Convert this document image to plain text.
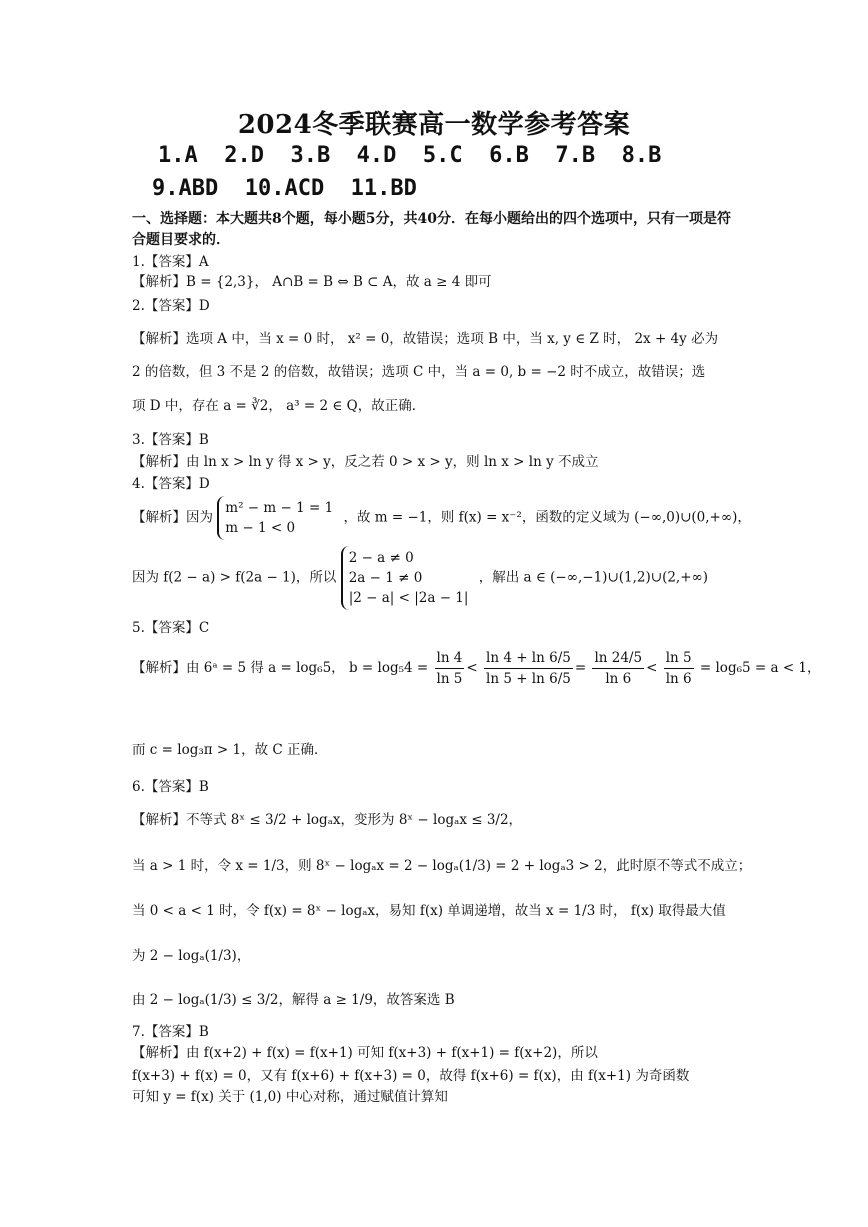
2024冬季联赛高一数学参考答案
1.A  2.D  3.B  4.D  5.C  6.B  7.B  8.B
9.ABD  10.ACD  11.BD
一、选择题：本大题共8个题，每小题5分，共40分．在每小题给出的四个选项中，只有一项是符合题目要求的．
1.【答案】A
【解析】B = {2,3}， A∩B = B ⇔ B ⊂ A，故 a ≥ 4 即可
2.【答案】D
【解析】选项 A 中，当 x = 0 时， x² = 0，故错误；选项 B 中，当 x, y ∈ Z 时， 2x + 4y 必为
2 的倍数，但 3 不是 2 的倍数，故错误；选项 C 中，当 a = 0, b = −2 时不成立，故错误；选
项 D 中，存在 a = ∛2， a³ = 2 ∈ Q，故正确．
3.【答案】B
【解析】由 ln x > ln y 得 x > y，反之若 0 > x > y，则 ln x > ln y 不成立
4.【答案】D
【解析】因为
m² − m − 1 = 1
m − 1 < 0
，故 m = −1，则 f(x) = x⁻²，函数的定义域为 (−∞,0)∪(0,+∞)，
因为 f(2 − a) > f(2a − 1)，所以
2 − a ≠ 0
2a − 1 ≠ 0
|2 − a| < |2a − 1|
，解出 a ∈ (−∞,−1)∪(1,2)∪(2,+∞)
5.【答案】C
【解析】由 6ᵃ = 5 得 a = log₆5， $b = \log_54 = \frac{\ln 4}{\ln 5} < \frac{\ln 4 + \ln 6/5}{\ln 5 + \ln 6/5} = \frac{\ln 24/5}{\ln 6} < \frac{\ln 5}{\ln 6} = \log_65 = a < 1$，
而 c = log₃π > 1，故 C 正确．
6.【答案】B
【解析】不等式 8ˣ ≤ 3/2 + logₐx，变形为 8ˣ − logₐx ≤ 3/2，
当 a > 1 时，令 x = 1/3，则 8ˣ − logₐx = 2 − logₐ(1/3) = 2 + logₐ3 > 2，此时原不等式不成立；
当 0 < a < 1 时，令 f(x) = 8ˣ − logₐx，易知 f(x) 单调递增，故当 x = 1/3 时， f(x) 取得最大值
为 2 − logₐ(1/3)，
由 2 − logₐ(1/3) ≤ 3/2，解得 a ≥ 1/9，故答案选 B
7.【答案】B
【解析】由 f(x+2) + f(x) = f(x+1) 可知 f(x+3) + f(x+1) = f(x+2)，所以
f(x+3) + f(x) = 0，又有 f(x+6) + f(x+3) = 0，故得 f(x+6) = f(x)，由 f(x+1) 为奇函数
可知 y = f(x) 关于 (1,0) 中心对称，通过赋值计算知
